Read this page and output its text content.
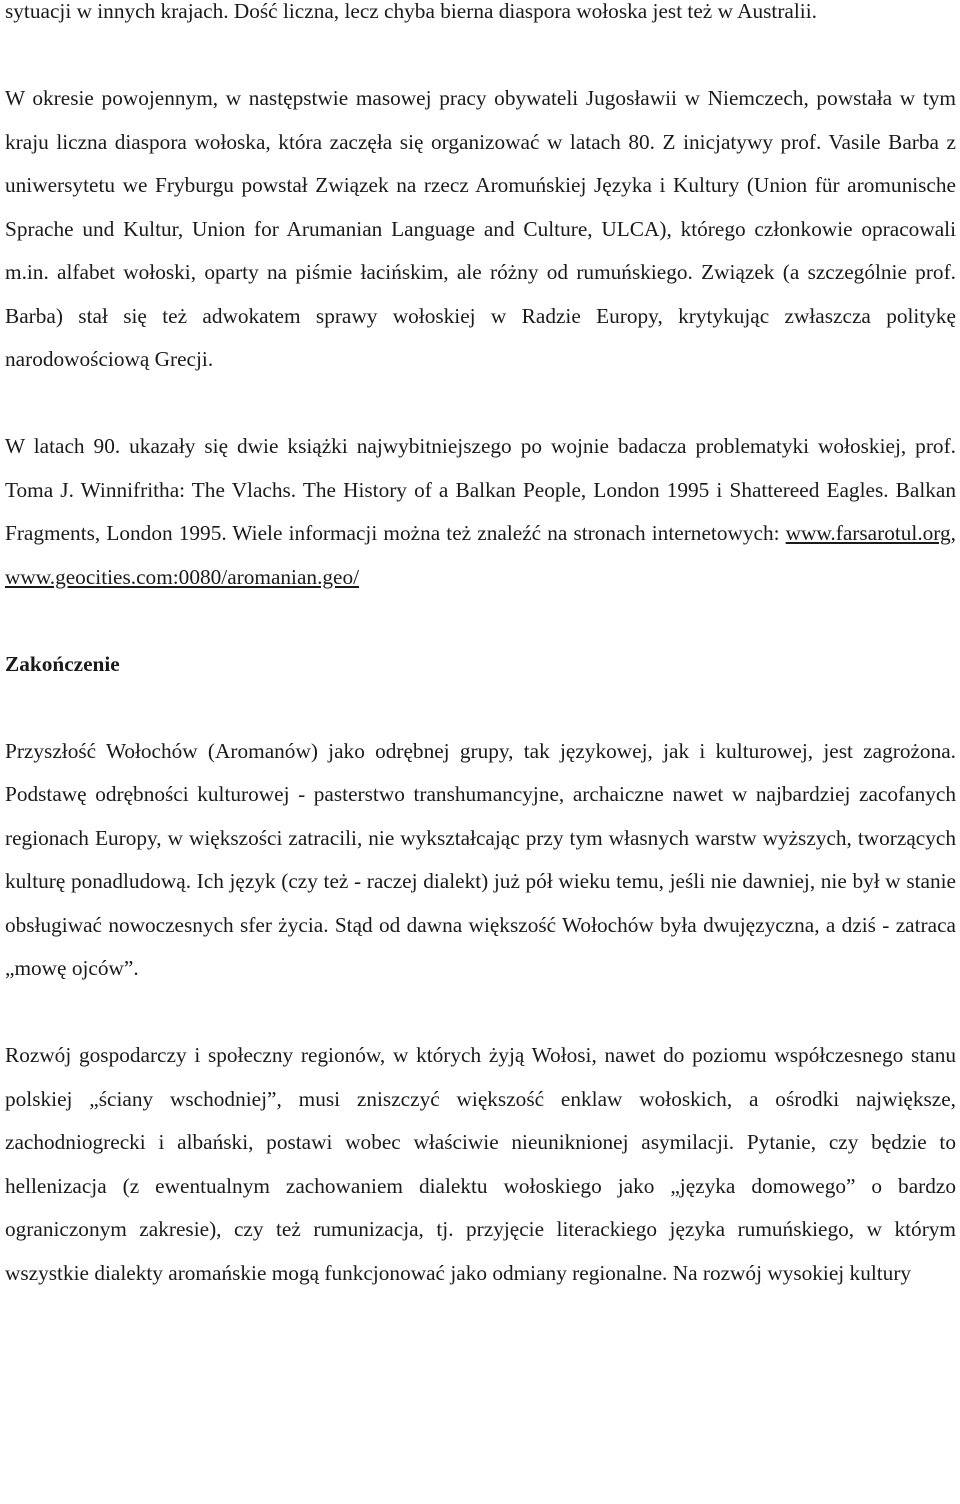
sytuacji w innych krajach. Dość liczna, lecz chyba bierna diaspora wołoska jest też w Australii.

W okresie powojennym, w następstwie masowej pracy obywateli Jugosławii w Niemczech, powstała w tym kraju liczna diaspora wołoska, która zaczęła się organizować w latach 80. Z inicjatywy prof. Vasile Barba z uniwersytetu we Fryburgu powstał Związek na rzecz Aromuńskiej Języka i Kultury (Union für aromunische Sprache und Kultur, Union for Arumanian Language and Culture, ULCA), którego członkowie opracowali m.in. alfabet wołoski, oparty na piśmie łacińskim, ale różny od rumuńskiego. Związek (a szczególnie prof. Barba) stał się też adwokatem sprawy wołoskiej w Radzie Europy, krytykując zwłaszcza politykę narodowościową Grecji.

W latach 90. ukazały się dwie książki najwybitniejszego po wojnie badacza problematyki wołoskiej, prof. Toma J. Winnifritha: The Vlachs. The History of a Balkan People, London 1995 i Shattereed Eagles. Balkan Fragments, London 1995. Wiele informacji można też znaleźć na stronach internetowych: www.farsarotul.org, www.geocities.com:0080/aromanian.geo/

Zakończenie

Przyszłość Wołochów (Aromanów) jako odrębnej grupy, tak językowej, jak i kulturowej, jest zagrożona. Podstawę odrębności kulturowej - pasterstwo transhumancyjne, archaiczne nawet w najbardziej zacofanych regionach Europy, w większości zatracili, nie wykształcając przy tym własnych warstw wyższych, tworzących kulturę ponadludową. Ich język (czy też - raczej dialekt) już pół wieku temu, jeśli nie dawniej, nie był w stanie obsługiwać nowoczesnych sfer życia. Stąd od dawna większość Wołochów była dwujęzyczna, a dziś - zatraca „mowę ojców”.

Rozwój gospodarczy i społeczny regionów, w których żyją Wołosi, nawet do poziomu współczesnego stanu polskiej „ściany wschodniej”, musi zniszczyć większość enklaw wołoskich, a ośrodki największe, zachodniogrecki i albański, postawi wobec właściwie nieuniknionej asymilacji. Pytanie, czy będzie to hellenizacja (z ewentualnym zachowaniem dialektu wołoskiego jako „języka domowego” o bardzo ograniczonym zakresie), czy też rumunizacja, tj. przyjęcie literackiego języka rumuńskiego, w którym wszystkie dialekty aromańskie mogą funkcjonować jako odmiany regionalne. Na rozwój wysokiej kultury
